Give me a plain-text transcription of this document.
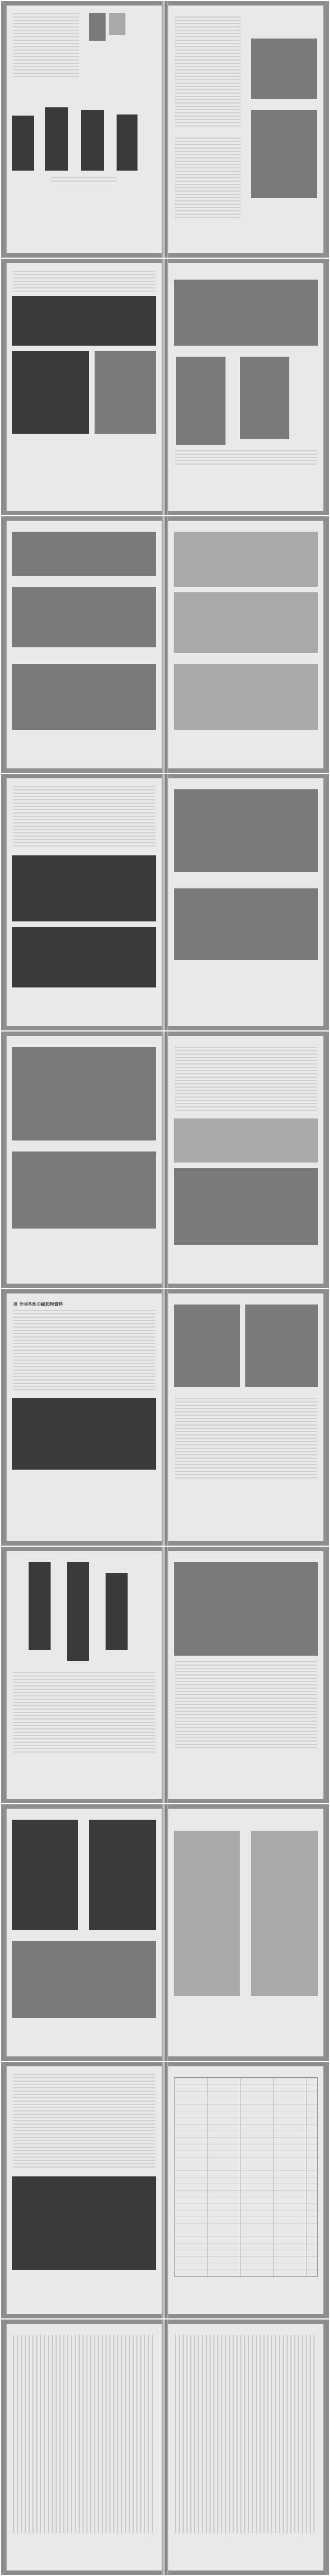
Ⅲ 全国各地の縁起物資料
